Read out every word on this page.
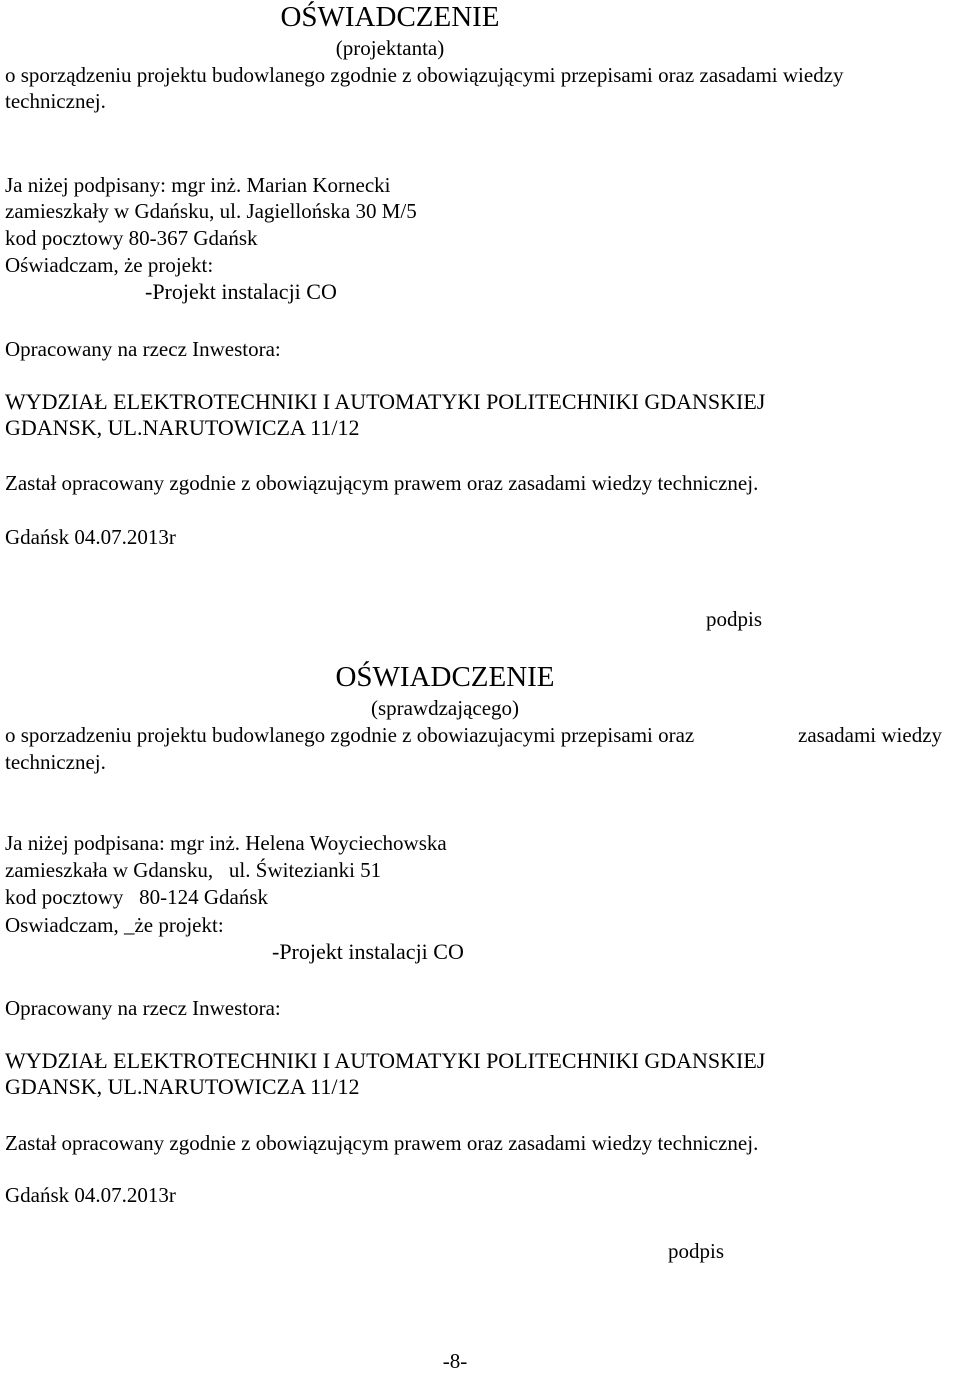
OŚWIADCZENIE
(projektanta)
o sporządzeniu projektu budowlanego zgodnie z obowiązującymi przepisami oraz zasadami wiedzy
technicznej.
Ja niżej podpisany: mgr inż. Marian Kornecki
zamieszkały w Gdańsku, ul. Jagiellońska 30 M/5
kod pocztowy 80-367 Gdańsk
Oświadczam, że projekt:
-Projekt instalacji CO
Opracowany na rzecz Inwestora:
WYDZIAŁ ELEKTROTECHNIKI I AUTOMATYKI POLITECHNIKI GDANSKIEJ
GDANSK, UL.NARUTOWICZA 11/12
Zastał opracowany zgodnie z obowiązującym prawem oraz zasadami wiedzy technicznej.
Gdańsk 04.07.2013r
podpis
OŚWIADCZENIE
(sprawdzającego)
o sporzadzeniu projektu budowlanego zgodnie z obowiazujacymi przepisami oraz	zasadami wiedzy
technicznej.
Ja niżej podpisana: mgr inż. Helena Woyciechowska
zamieszkała w Gdansku,   ul. Świtezianki 51
kod pocztowy   80-124 Gdańsk
Oswiadczam, _że projekt:
-Projekt instalacji CO
Opracowany na rzecz Inwestora:
WYDZIAŁ ELEKTROTECHNIKI I AUTOMATYKI POLITECHNIKI GDANSKIEJ
GDANSK, UL.NARUTOWICZA 11/12
Zastał opracowany zgodnie z obowiązującym prawem oraz zasadami wiedzy technicznej.
Gdańsk 04.07.2013r
podpis
-8-
